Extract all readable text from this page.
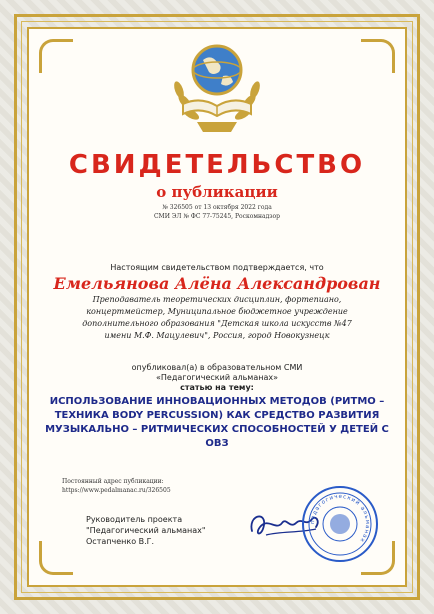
СВИДЕТЕЛЬСТВО
о публикации
№ 326505 от 13 октября 2022 года
СМИ ЭЛ № ФС 77-75245, Роскомнадзор
Настоящим свидетельством подтверждается, что
Емельянова Алёна Александрован
Преподаватель теоретических дисциплин, фортепиано, концертмейстер, Муниципальное бюджетное учреждение дополнительного образования "Детская школа искусств №47 имени М.Ф. Мацулевич", Россия, город Новокузнецк
опубликовал(а) в образовательном СМИ
«Педагогический альманах»
статью на тему:
ИСПОЛЬЗОВАНИЕ ИННОВАЦИОННЫХ МЕТОДОВ (РИТМО – ТЕХНИКА BODY PERCUSSION) КАК СРЕДСТВО РАЗВИТИЯ МУЗЫКАЛЬНО – РИТМИЧЕСКИХ СПОСОБНОСТЕЙ У ДЕТЕЙ С ОВЗ
Постоянный адрес публикации:
https://www.pedalmanac.ru/326505
Руководитель проекта
"Педагогический альманах"
Остапченко В.Г.
педагогический альманах
